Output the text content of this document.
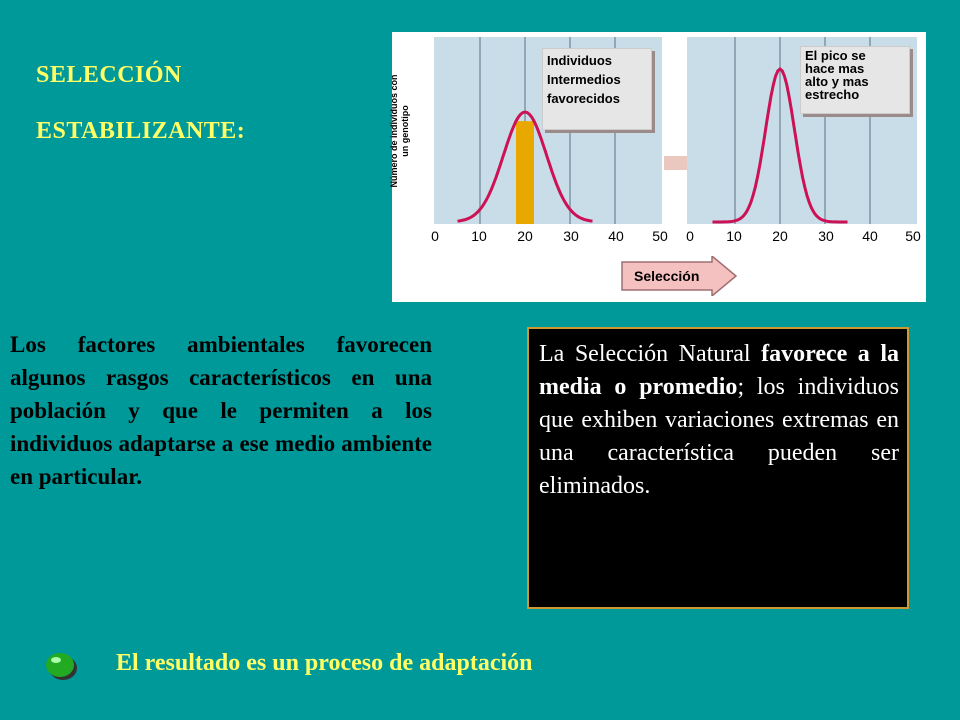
SELECCIÓN
ESTABILIZANTE:	Número de individuos con un genotipo
Individuos
Intermedios
favorecidos
El pico se
hace mas
alto y mas
estrecho
0 10 20 30 40 50 0 10 20 30 40 50
Selección
Los factores ambientales favorecen algunos rasgos característicos en una población y que le permiten a los individuos adaptarse a ese medio ambiente en particular.
La Selección Natural favorece a la media o promedio; los individuos que exhiben variaciones extremas en una característica pueden ser eliminados.
El resultado es un proceso de adaptación
